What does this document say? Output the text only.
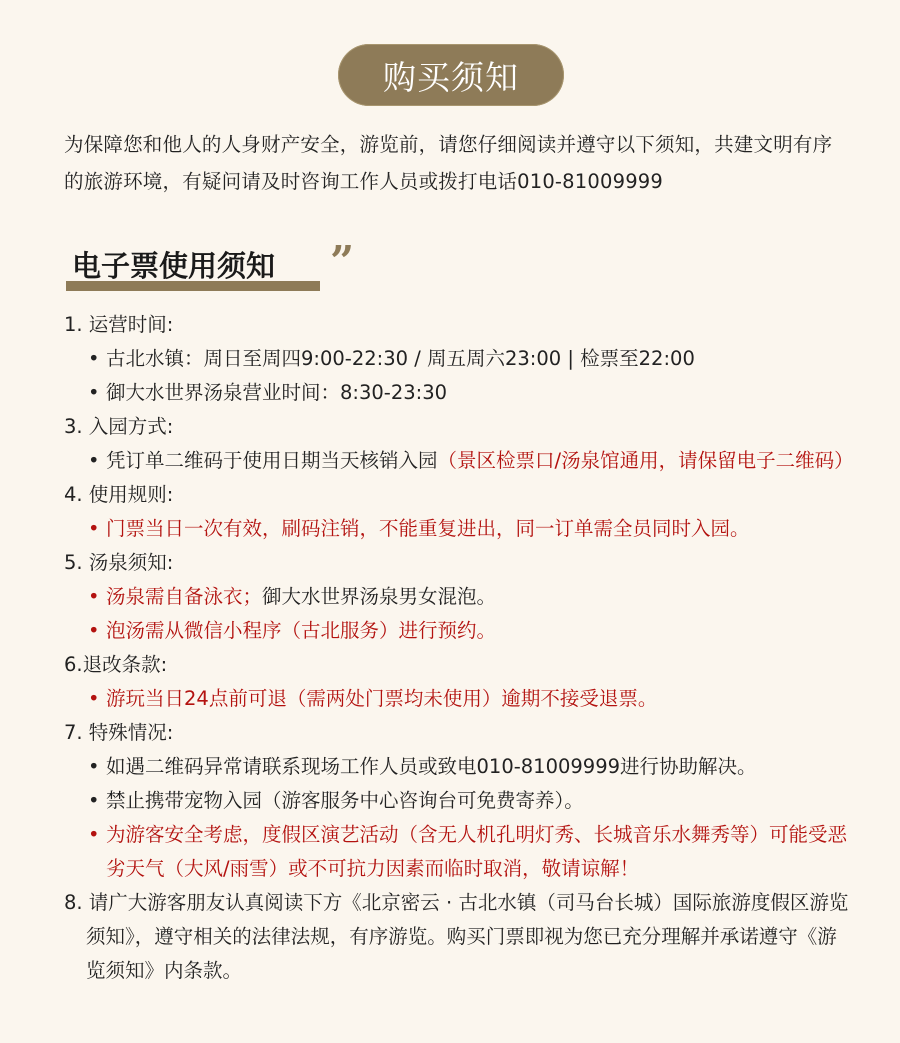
购买须知

为保障您和他人的人身财产安全，游览前，请您仔细阅读并遵守以下须知，共建文明有序的旅游环境，有疑问请及时咨询工作人员或拨打电话010-81009999

电子票使用须知 ”
1. 运营时间:
• 古北水镇：周日至周四9:00-22:30 / 周五周六23:00 | 检票至22:00
• 御大水世界汤泉营业时间：8:30-23:30
3. 入园方式:
• 凭订单二维码于使用日期当天核销入园（景区检票口/汤泉馆通用，请保留电子二维码）
4. 使用规则:
• 门票当日一次有效，刷码注销，不能重复进出，同一订单需全员同时入园。
5. 汤泉须知:
• 汤泉需自备泳衣；御大水世界汤泉男女混泡。
• 泡汤需从微信小程序（古北服务）进行预约。
6.退改条款:
• 游玩当日24点前可退（需两处门票均未使用）逾期不接受退票。
7. 特殊情况:
• 如遇二维码异常请联系现场工作人员或致电010-81009999进行协助解决。
• 禁止携带宠物入园（游客服务中心咨询台可免费寄养）。
• 为游客安全考虑，度假区演艺活动（含无人机孔明灯秀、长城音乐水舞秀等）可能受恶劣天气（大风/雨雪）或不可抗力因素而临时取消，敬请谅解！
8. 请广大游客朋友认真阅读下方《北京密云 · 古北水镇（司马台长城）国际旅游度假区游览须知》，遵守相关的法律法规，有序游览。购买门票即视为您已充分理解并承诺遵守《游览须知》内条款。
